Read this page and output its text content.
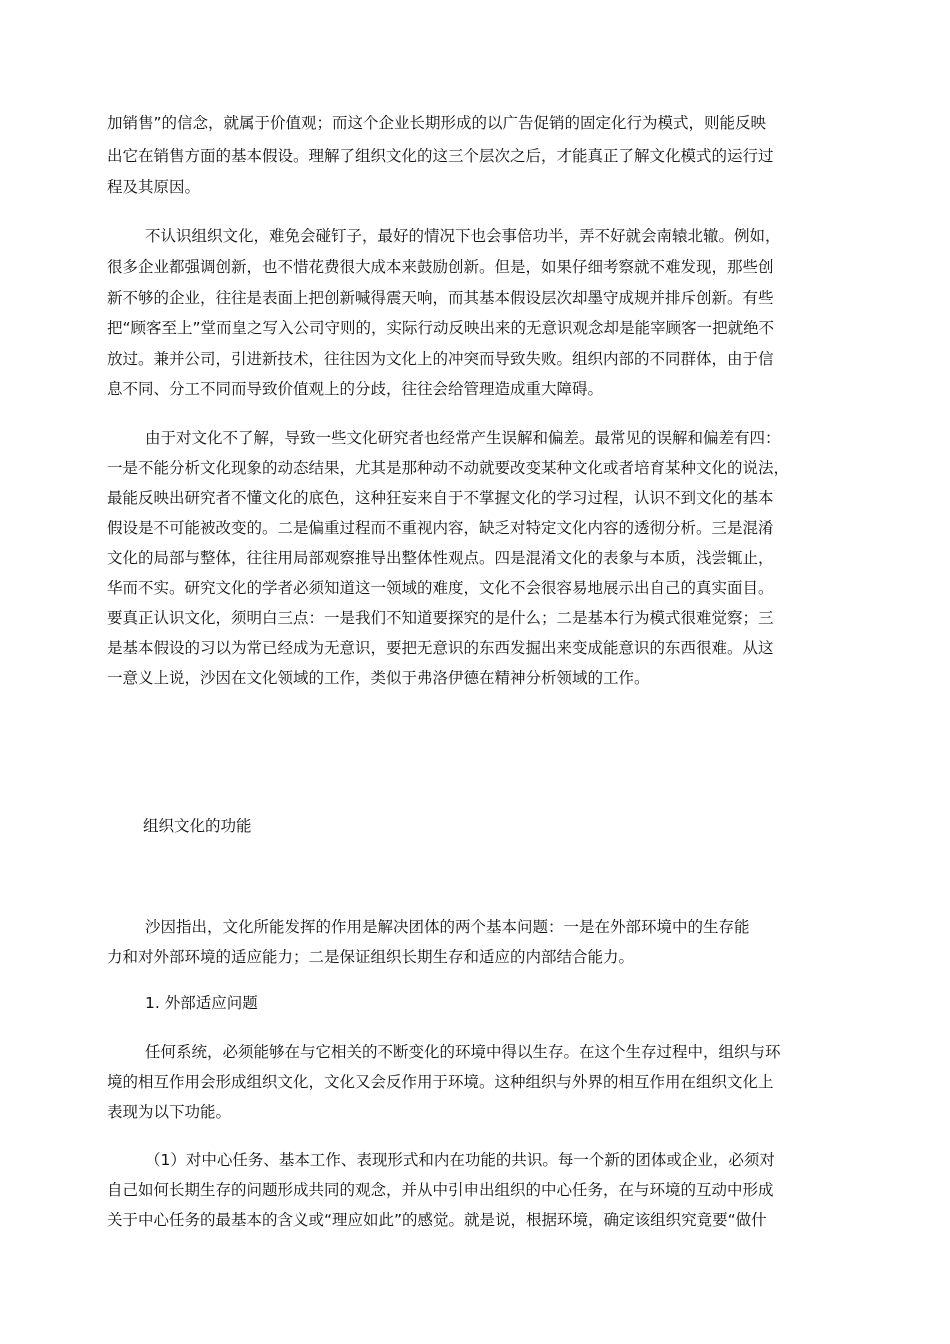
加销售”的信念，就属于价值观；而这个企业长期形成的以广告促销的固定化行为模式，则能反映
出它在销售方面的基本假设。理解了组织文化的这三个层次之后，才能真正了解文化模式的运行过
程及其原因。
不认识组织文化，难免会碰钉子，最好的情况下也会事倍功半，弄不好就会南辕北辙。例如，
很多企业都强调创新，也不惜花费很大成本来鼓励创新。但是，如果仔细考察就不难发现，那些创
新不够的企业，往往是表面上把创新喊得震天响，而其基本假设层次却墨守成规并排斥创新。有些
把“顾客至上”堂而皇之写入公司守则的，实际行动反映出来的无意识观念却是能宰顾客一把就绝不
放过。兼并公司，引进新技术，往往因为文化上的冲突而导致失败。组织内部的不同群体，由于信
息不同、分工不同而导致价值观上的分歧，往往会给管理造成重大障碍。
由于对文化不了解，导致一些文化研究者也经常产生误解和偏差。最常见的误解和偏差有四：
一是不能分析文化现象的动态结果，尤其是那种动不动就要改变某种文化或者培育某种文化的说法，
最能反映出研究者不懂文化的底色，这种狂妄来自于不掌握文化的学习过程，认识不到文化的基本
假设是不可能被改变的。二是偏重过程而不重视内容，缺乏对特定文化内容的透彻分析。三是混淆
文化的局部与整体，往往用局部观察推导出整体性观点。四是混淆文化的表象与本质，浅尝辄止，
华而不实。研究文化的学者必须知道这一领域的难度，文化不会很容易地展示出自己的真实面目。
要真正认识文化，须明白三点：一是我们不知道要探究的是什么；二是基本行为模式很难觉察；三
是基本假设的习以为常已经成为无意识，要把无意识的东西发掘出来变成能意识的东西很难。从这
一意义上说，沙因在文化领域的工作，类似于弗洛伊德在精神分析领域的工作。
组织文化的功能
沙因指出，文化所能发挥的作用是解决团体的两个基本问题：一是在外部环境中的生存能
力和对外部环境的适应能力；二是保证组织长期生存和适应的内部结合能力。
1. 外部适应问题
任何系统，必须能够在与它相关的不断变化的环境中得以生存。在这个生存过程中，组织与环
境的相互作用会形成组织文化，文化又会反作用于环境。这种组织与外界的相互作用在组织文化上
表现为以下功能。
（1）对中心任务、基本工作、表现形式和内在功能的共识。每一个新的团体或企业，必须对
自己如何长期生存的问题形成共同的观念，并从中引申出组织的中心任务，在与环境的互动中形成
关于中心任务的最基本的含义或“理应如此”的感觉。就是说，根据环境，确定该组织究竟要“做什
